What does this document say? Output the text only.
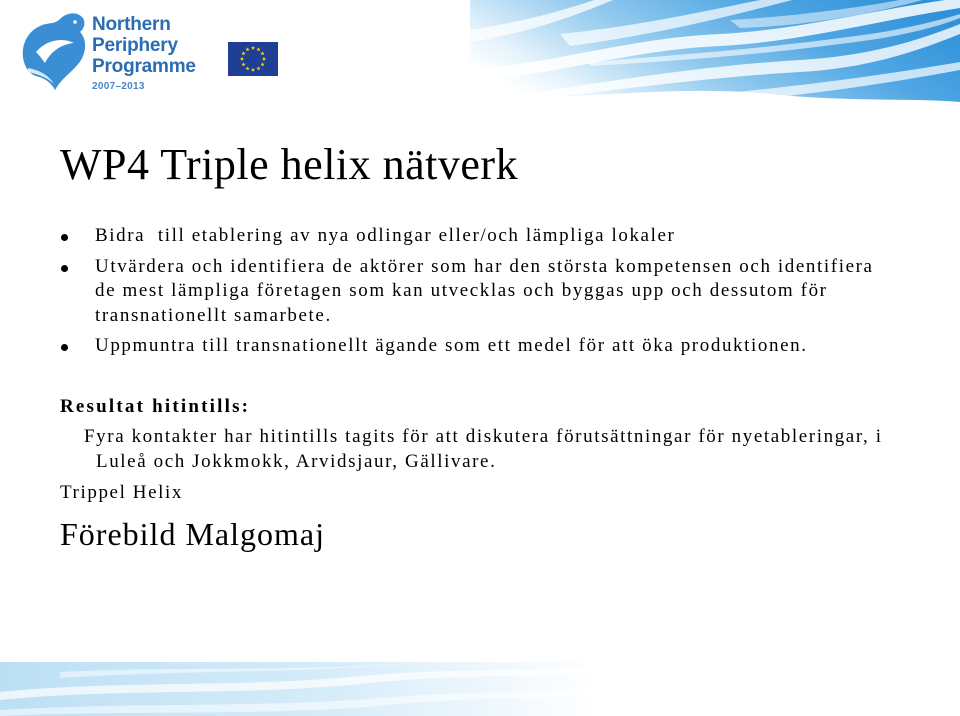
Northern
Periphery
Programme
2007–2013
WP4 Triple helix nätverk
Bidra  till etablering av nya odlingar eller/och lämpliga lokaler
Utvärdera och identifiera de aktörer som har den största kompetensen och identifiera de mest lämpliga företagen som kan utvecklas och byggas upp och dessutom för transnationellt samarbete.
Uppmuntra till transnationellt ägande som ett medel för att öka produktionen.

Resultat hitintills:

Fyra kontakter har hitintills tagits för att diskutera förutsättningar för nyetableringar, i Luleå och Jokkmokk, Arvidsjaur, Gällivare.

Trippel Helix

Förebild Malgomaj
